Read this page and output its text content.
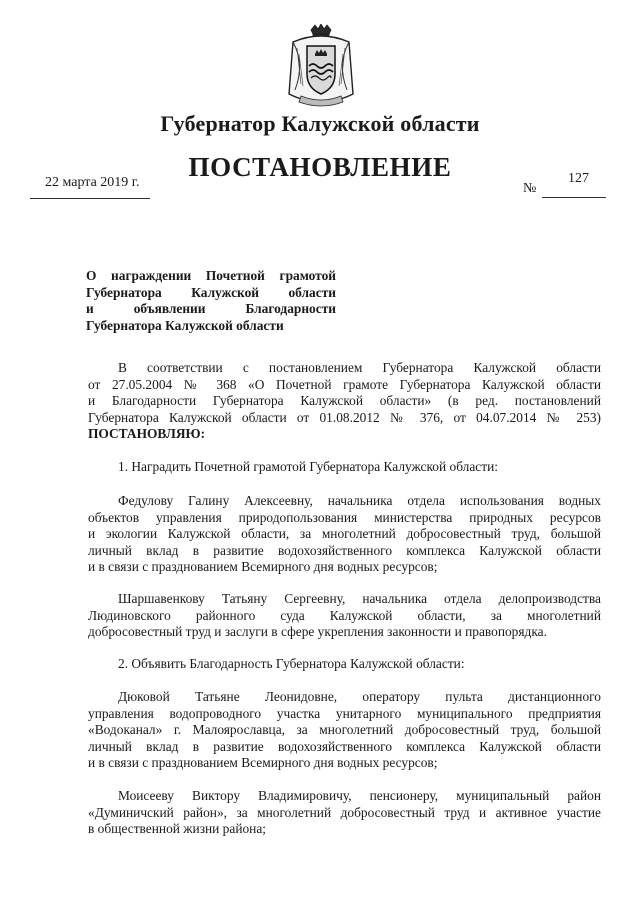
Губернатор Калужской области
ПОСТАНОВЛЕНИЕ
22 марта 2019 г.	127
№
О награждении Почетной грамотой
Губернатора Калужской области
и объявлении Благодарности
Губернатора Калужской области
В соответствии с постановлением Губернатора Калужской области
от 27.05.2004 № 368 «О Почетной грамоте Губернатора Калужской области
и Благодарности Губернатора Калужской области» (в ред. постановлений
Губернатора Калужской области от 01.08.2012 № 376, от 04.07.2014 № 253)
ПОСТАНОВЛЯЮ:
1. Наградить Почетной грамотой Губернатора Калужской области:
Федулову Галину Алексеевну, начальника отдела использования водных
объектов управления природопользования министерства природных ресурсов
и экологии Калужской области, за многолетний добросовестный труд, большой
личный вклад в развитие водохозяйственного комплекса Калужской области
и в связи с празднованием Всемирного дня водных ресурсов;
Шаршавенкову Татьяну Сергеевну, начальника отдела делопроизводства
Людиновского районного суда Калужской области, за многолетний
добросовестный труд и заслуги в сфере укрепления законности и правопорядка.
2. Объявить Благодарность Губернатора Калужской области:
Дюковой Татьяне Леонидовне, оператору пульта дистанционного
управления водопроводного участка унитарного муниципального предприятия
«Водоканал» г. Малоярославца, за многолетний добросовестный труд, большой
личный вклад в развитие водохозяйственного комплекса Калужской области
и в связи с празднованием Всемирного дня водных ресурсов;
Моисееву Виктору Владимировичу, пенсионеру, муниципальный район
«Думиничский район», за многолетний добросовестный труд и активное участие
в общественной жизни района;
